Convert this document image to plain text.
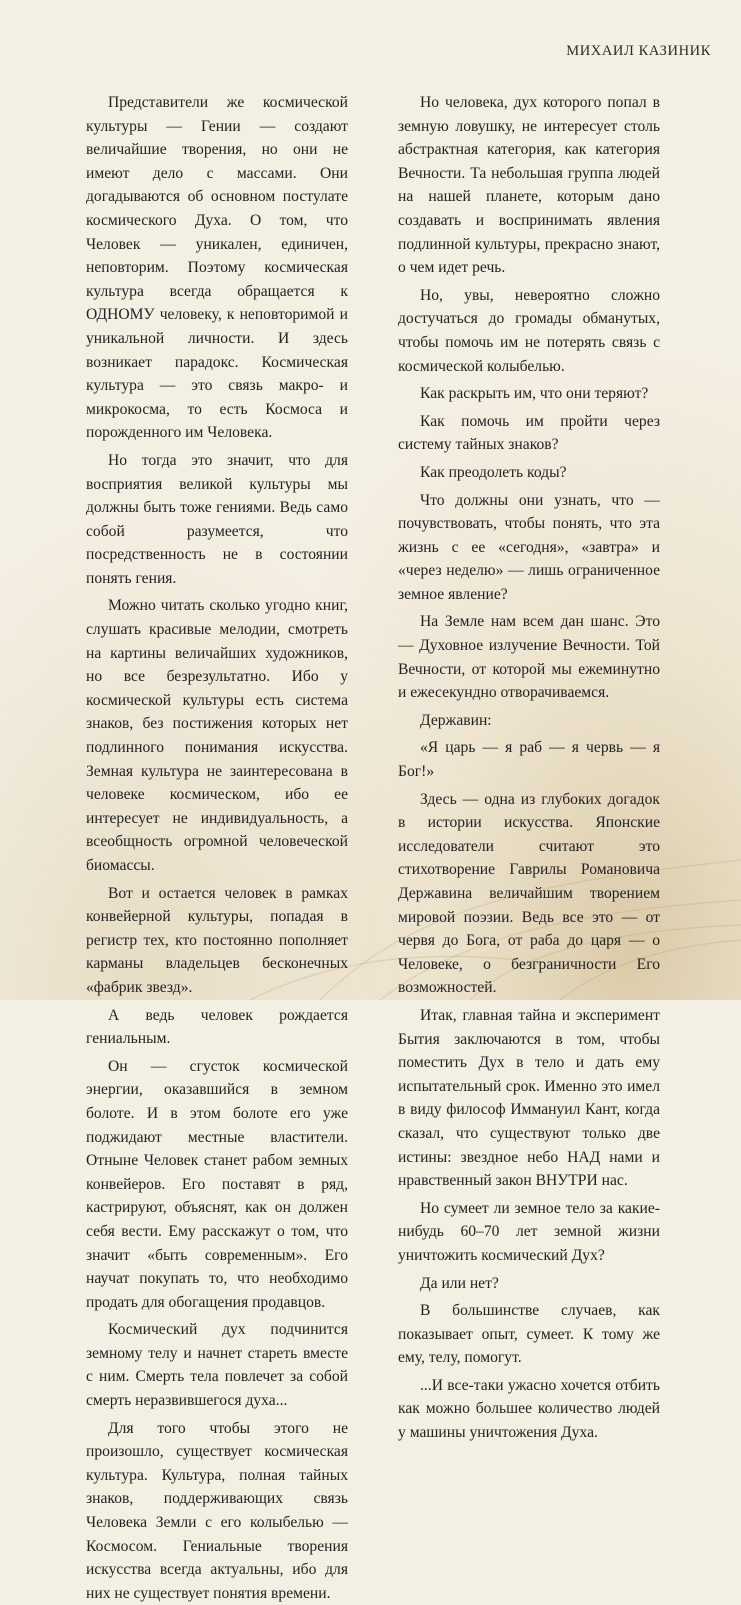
МИХАИЛ КАЗИНИК

Представители же космической культуры — Гении — создают величайшие творения, но они не имеют дело с массами. Они догадываются об основном постулате космического Духа. О том, что Человек — уникален, единичен, неповторим. Поэтому космическая культура всегда обращается к ОДНОМУ человеку, к неповторимой и уникальной личности. И здесь возникает парадокс. Космическая культура — это связь макро- и микрокосма, то есть Космоса и порожденного им Человека.

Но тогда это значит, что для восприятия великой культуры мы должны быть тоже гениями. Ведь само собой разумеется, что посредственность не в состоянии понять гения.

Можно читать сколько угодно книг, слушать красивые мелодии, смотреть на картины величайших художников, но все безрезультатно. Ибо у космической культуры есть система знаков, без постижения которых нет подлинного понимания искусства. Земная культура не заинтересована в человеке космическом, ибо ее интересует не индивидуальность, а всеобщность огромной человеческой биомассы.

Вот и остается человек в рамках конвейерной культуры, попадая в регистр тех, кто постоянно пополняет карманы владельцев бесконечных «фабрик звезд».

А ведь человек рождается гениальным.

Он — сгусток космической энергии, оказавшийся в земном болоте. И в этом болоте его уже поджидают местные властители. Отныне Человек станет рабом земных конвейеров. Его поставят в ряд, кастрируют, объяснят, как он должен себя вести. Ему расскажут о том, что значит «быть современным». Его научат покупать то, что необходимо продать для обогащения продавцов.

Космический дух подчинится земному телу и начнет стареть вместе с ним. Смерть тела повлечет за собой смерть неразвившегося духа...

Для того чтобы этого не произошло, существует космическая культура. Культура, полная тайных знаков, поддерживающих связь Человека Земли с его колыбелью — Космосом. Гениальные творения искусства всегда актуальны, ибо для них не существует понятия времени.

Но человека, дух которого попал в земную ловушку, не интересует столь абстрактная категория, как категория Вечности. Та небольшая группа людей на нашей планете, которым дано создавать и воспринимать явления подлинной культуры, прекрасно знают, о чем идет речь.

Но, увы, невероятно сложно достучаться до громады обманутых, чтобы помочь им не потерять связь с космической колыбелью.

Как раскрыть им, что они теряют?

Как помочь им пройти через систему тайных знаков?

Как преодолеть коды?

Что должны они узнать, что — почувствовать, чтобы понять, что эта жизнь с ее «сегодня», «завтра» и «через неделю» — лишь ограниченное земное явление?

На Земле нам всем дан шанс. Это — Духовное излучение Вечности. Той Вечности, от которой мы ежеминутно и ежесекундно отворачиваемся.

Державин:

«Я царь — я раб — я червь — я Бог!»

Здесь — одна из глубоких догадок в истории искусства. Японские исследователи считают это стихотворение Гаврилы Романовича Державина величайшим творением мировой поэзии. Ведь все это — от червя до Бога, от раба до царя — о Человеке, о безграничности Его возможностей.

Итак, главная тайна и эксперимент Бытия заключаются в том, чтобы поместить Дух в тело и дать ему испытательный срок. Именно это имел в виду философ Иммануил Кант, когда сказал, что существуют только две истины: звездное небо НАД нами и нравственный закон ВНУТРИ нас.

Но сумеет ли земное тело за какие-нибудь 60–70 лет земной жизни уничтожить космический Дух?

Да или нет?

В большинстве случаев, как показывает опыт, сумеет. К тому же ему, телу, помогут.

...И все-таки ужасно хочется отбить как можно большее количество людей у машины уничтожения Духа.
